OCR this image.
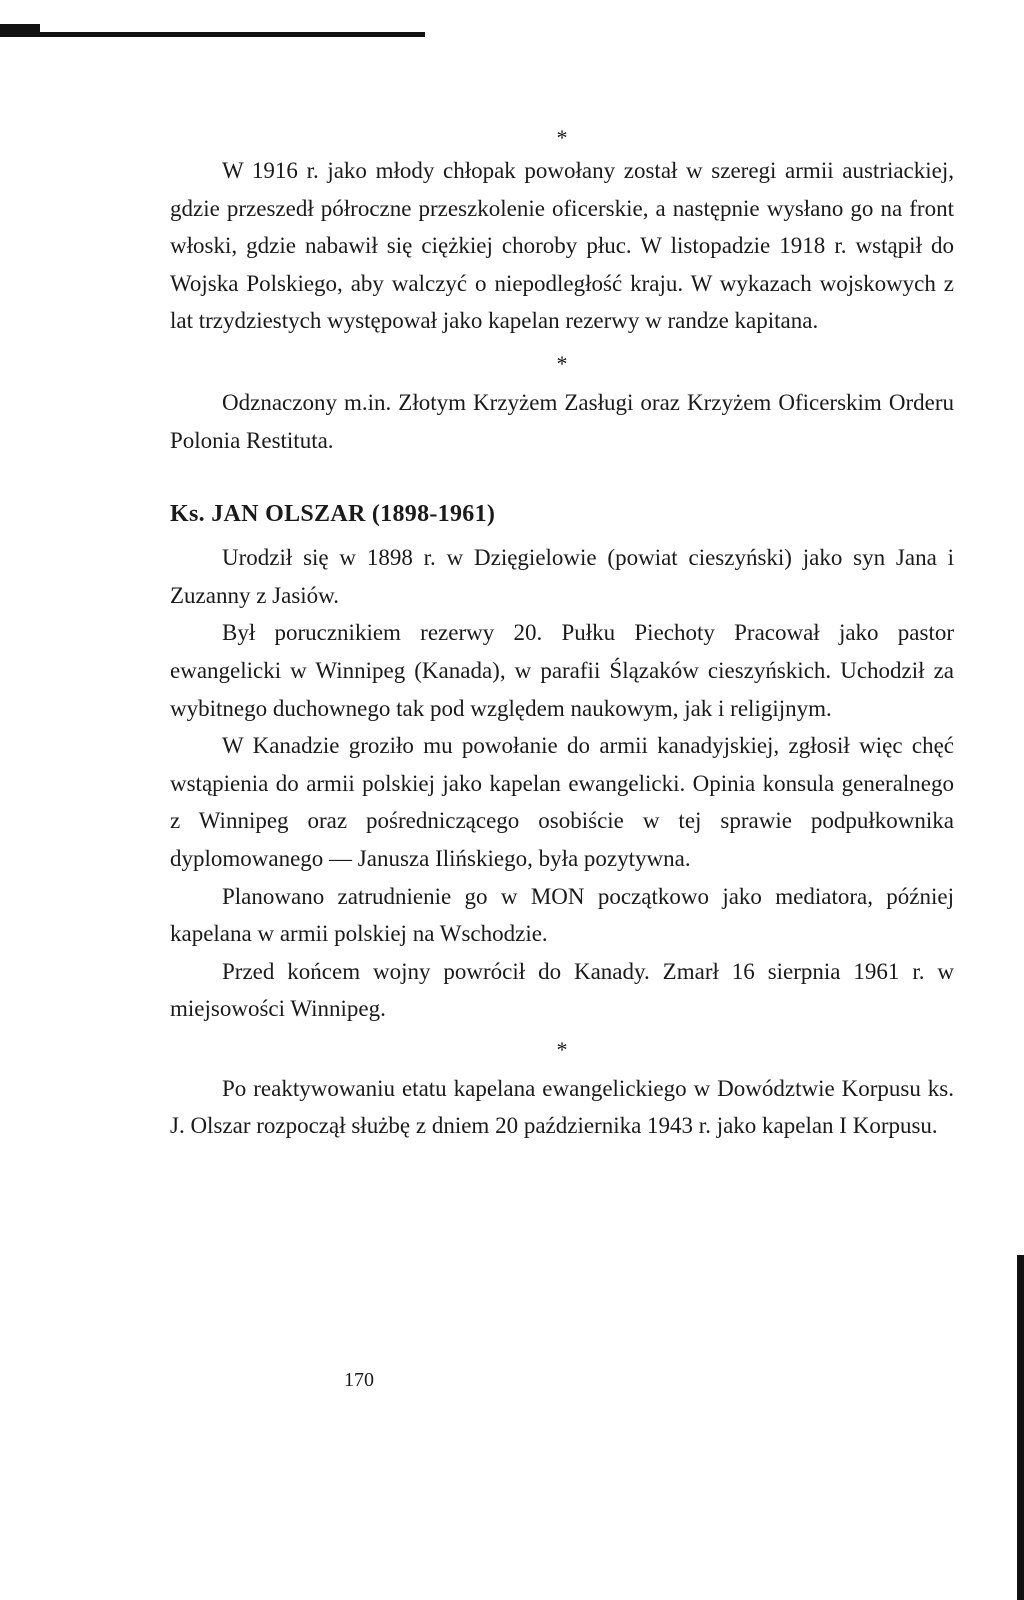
*

W 1916 r. jako młody chłopak powołany został w szeregi armii austriackiej, gdzie przeszedł półroczne przeszkolenie oficerskie, a następnie wysłano go na front włoski, gdzie nabawił się ciężkiej choroby płuc. W listopadzie 1918 r. wstąpił do Wojska Polskiego, aby walczyć o niepodległość kraju. W wykazach wojskowych z lat trzydziestych występował jako kapelan rezerwy w randze kapitana.

*

Odznaczony m.in. Złotym Krzyżem Zasługi oraz Krzyżem Oficerskim Orderu Polonia Restituta.

Ks. JAN OLSZAR (1898-1961)

Urodził się w 1898 r. w Dzięgielowie (powiat cieszyński) jako syn Jana i Zuzanny z Jasiów.

Był porucznikiem rezerwy 20. Pułku Piechoty Pracował jako pastor ewangelicki w Winnipeg (Kanada), w parafii Ślązaków cieszyńskich. Uchodził za wybitnego duchownego tak pod względem naukowym, jak i religijnym.

W Kanadzie groziło mu powołanie do armii kanadyjskiej, zgłosił więc chęć wstąpienia do armii polskiej jako kapelan ewangelicki. Opinia konsula generalnego z Winnipeg oraz pośredniczącego osobiście w tej sprawie podpułkownika dyplomowanego — Janusza Ilińskiego, była pozytywna.

Planowano zatrudnienie go w MON początkowo jako mediatora, później kapelana w armii polskiej na Wschodzie.

Przed końcem wojny powrócił do Kanady. Zmarł 16 sierpnia 1961 r. w miejsowości Winnipeg.

*

Po reaktywowaniu etatu kapelana ewangelickiego w Dowództwie Korpusu ks. J. Olszar rozpoczął służbę z dniem 20 października 1943 r. jako kapelan I Korpusu.

170
